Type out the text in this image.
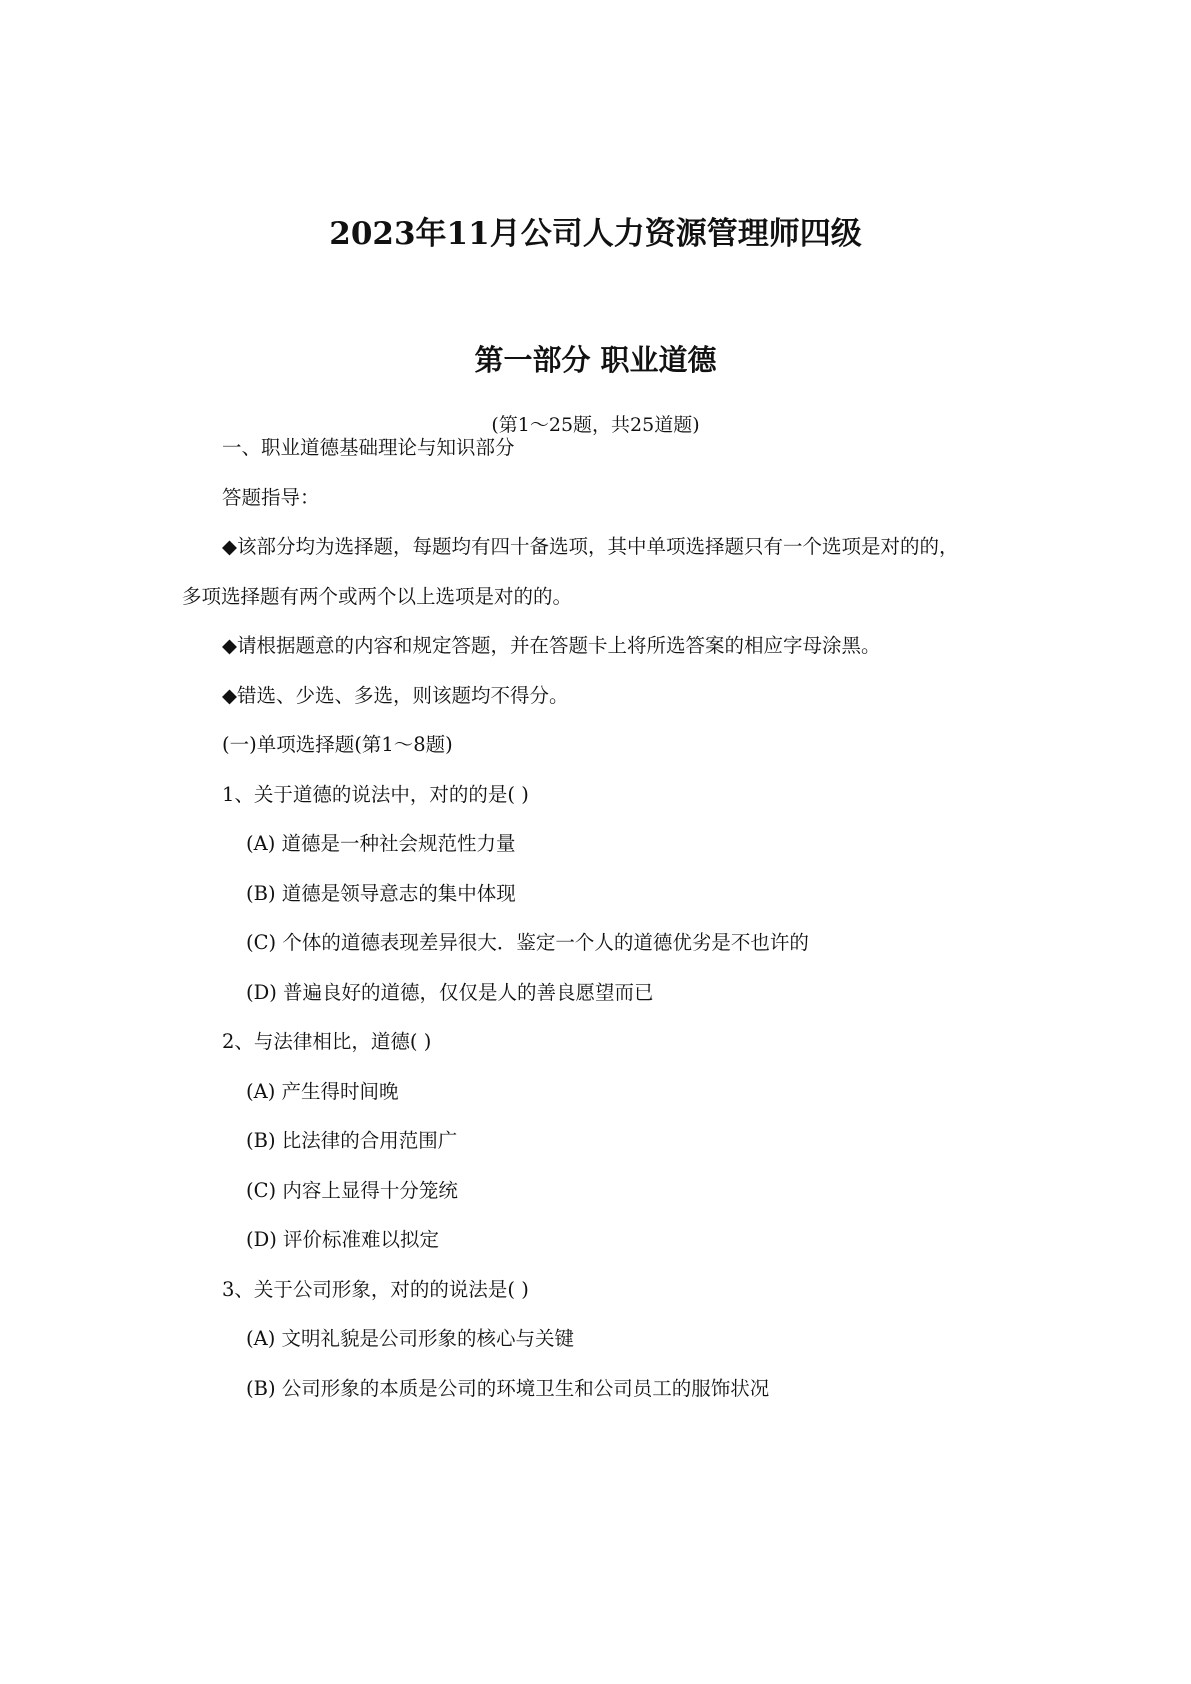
2023年11月公司人力资源管理师四级
第一部分 职业道德

(第1～25题，共25道题)

一、职业道德基础理论与知识部分

答题指导：

◆该部分均为选择题，每题均有四十备选项，其中单项选择题只有一个选项是对的的，

多项选择题有两个或两个以上选项是对的的。

◆请根据题意的内容和规定答题，并在答题卡上将所选答案的相应字母涂黑。

◆错选、少选、多选，则该题均不得分。

(一)单项选择题(第1～8题)

1、关于道德的说法中，对的的是( )

(A) 道德是一种社会规范性力量

(B) 道德是领导意志的集中体现

(C) 个体的道德表现差异很大．鉴定一个人的道德优劣是不也许的

(D) 普遍良好的道德，仅仅是人的善良愿望而已

2、与法律相比，道德( )

(A) 产生得时间晚

(B) 比法律的合用范围广

(C) 内容上显得十分笼统

(D) 评价标准难以拟定

3、关于公司形象，对的的说法是( )

(A) 文明礼貌是公司形象的核心与关键

(B) 公司形象的本质是公司的环境卫生和公司员工的服饰状况
